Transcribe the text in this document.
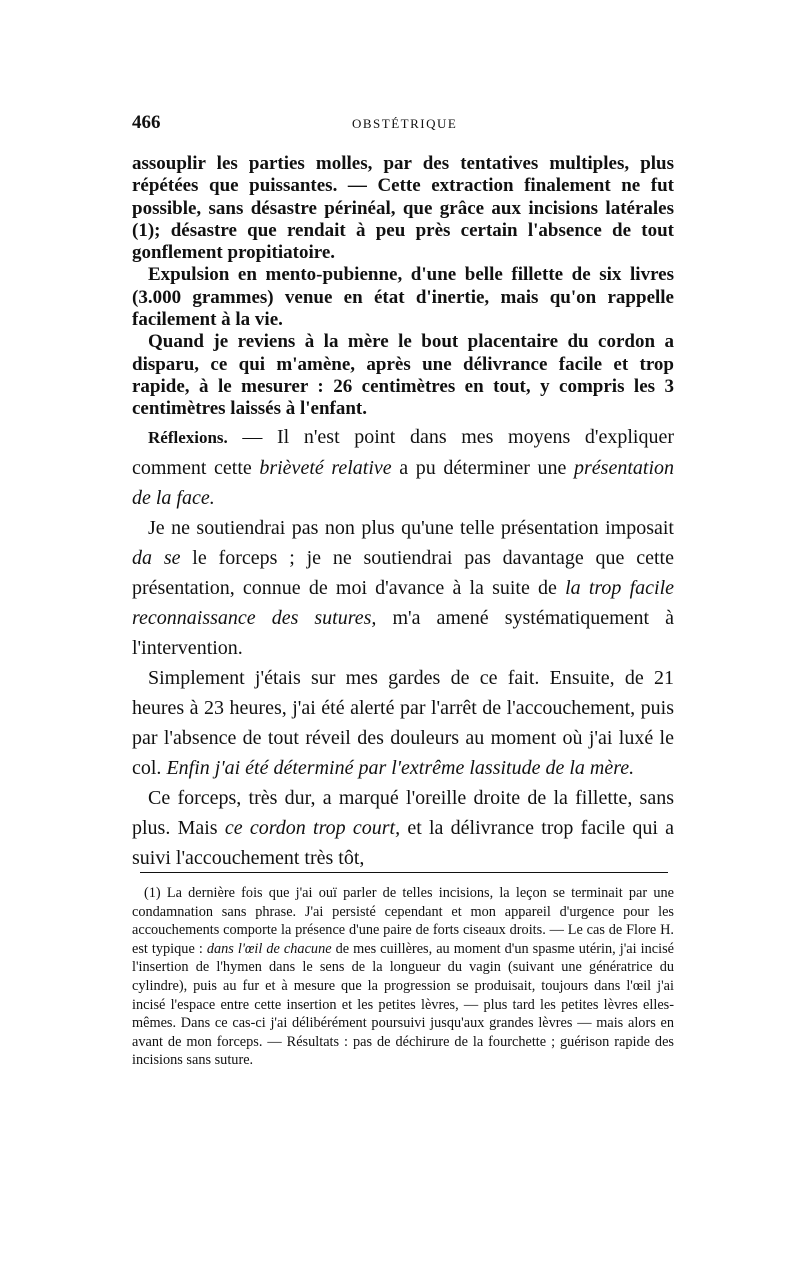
466	OBSTÉTRIQUE

assouplir les parties molles, par des tentatives multiples, plus répétées que puissantes. — Cette extraction finalement ne fut possible, sans désastre périnéal, que grâce aux incisions latérales (1); désastre que rendait à peu près certain l'absence de tout gonflement propitiatoire.

Expulsion en mento-pubienne, d'une belle fillette de six livres (3.000 grammes) venue en état d'inertie, mais qu'on rappelle facilement à la vie.

Quand je reviens à la mère le bout placentaire du cordon a disparu, ce qui m'amène, après une délivrance facile et trop rapide, à le mesurer : 26 centimètres en tout, y compris les 3 centimètres laissés à l'enfant.

Réflexions. — Il n'est point dans mes moyens d'expliquer comment cette brièveté relative a pu déterminer une présentation de la face.

Je ne soutiendrai pas non plus qu'une telle présentation imposait da se le forceps ; je ne soutiendrai pas davantage que cette présentation, connue de moi d'avance à la suite de la trop facile reconnaissance des sutures, m'a amené systématiquement à l'intervention.

Simplement j'étais sur mes gardes de ce fait. Ensuite, de 21 heures à 23 heures, j'ai été alerté par l'arrêt de l'accouchement, puis par l'absence de tout réveil des douleurs au moment où j'ai luxé le col. Enfin j'ai été déterminé par l'extrême lassitude de la mère.

Ce forceps, très dur, a marqué l'oreille droite de la fillette, sans plus. Mais ce cordon trop court, et la délivrance trop facile qui a suivi l'accouchement très tôt,

(1) La dernière fois que j'ai ouï parler de telles incisions, la leçon se terminait par une condamnation sans phrase. J'ai persisté cependant et mon appareil d'urgence pour les accouchements comporte la présence d'une paire de forts ciseaux droits. — Le cas de Flore H. est typique : dans l'œil de chacune de mes cuillères, au moment d'un spasme utérin, j'ai incisé l'insertion de l'hymen dans le sens de la longueur du vagin (suivant une génératrice du cylindre), puis au fur et à mesure que la progression se produisait, toujours dans l'œil j'ai incisé l'espace entre cette insertion et les petites lèvres, — plus tard les petites lèvres elles-mêmes. Dans ce cas-ci j'ai délibérément poursuivi jusqu'aux grandes lèvres — mais alors en avant de mon forceps. — Résultats : pas de déchirure de la fourchette ; guérison rapide des incisions sans suture.
